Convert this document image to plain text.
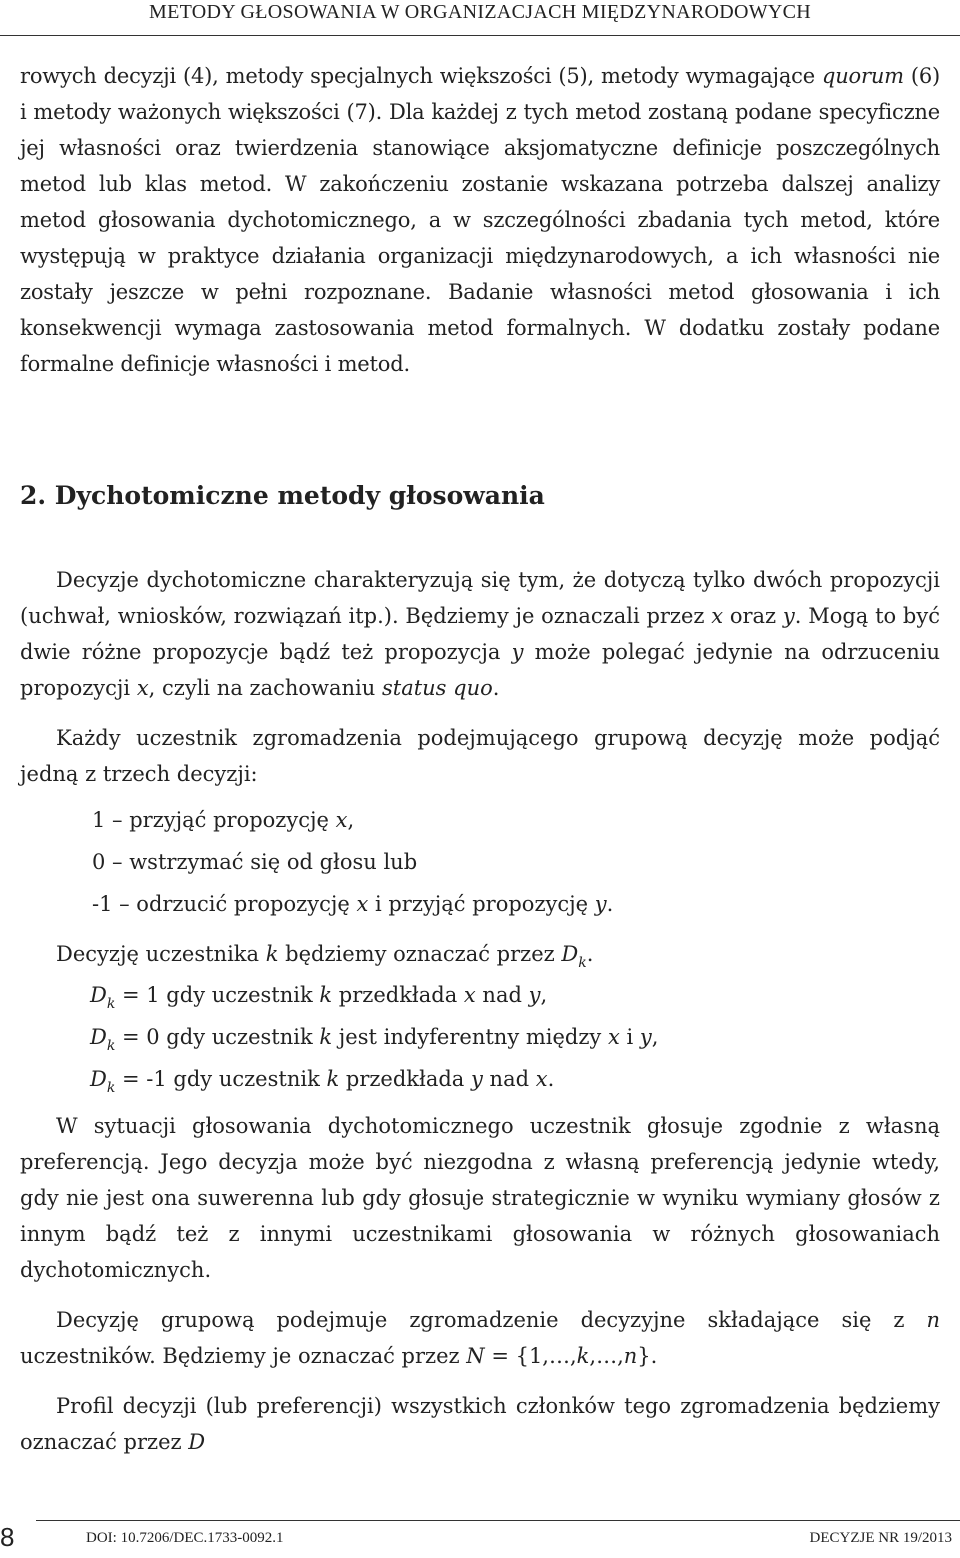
METODY GŁOSOWANIA W ORGANIZACJACH MIĘDZYNARODOWYCH

rowych decyzji (4), metody specjalnych większości (5), metody wymagające quorum (6) i metody ważonych większości (7). Dla każdej z tych metod zostaną podane specyficzne jej własności oraz twierdzenia stanowiące aksjomatyczne definicje poszczególnych metod lub klas metod. W zakończeniu zostanie wskazana potrzeba dalszej analizy metod głosowania dychotomicznego, a w szczególności zbadania tych metod, które występują w praktyce działania organizacji międzynarodowych, a ich własności nie zostały jeszcze w pełni rozpoznane. Badanie własności metod głosowania i ich konsekwencji wymaga zastosowania metod formalnych. W dodatku zostały podane formalne definicje własności i metod.

2. Dychotomiczne metody głosowania

Decyzje dychotomiczne charakteryzują się tym, że dotyczą tylko dwóch propozycji (uchwał, wniosków, rozwiązań itp.). Będziemy je oznaczali przez x oraz y. Mogą to być dwie różne propozycje bądź też propozycja y może polegać jedynie na odrzuceniu propozycji x, czyli na zachowaniu status quo.

Każdy uczestnik zgromadzenia podejmującego grupową decyzję może podjąć jedną z trzech decyzji:

1 – przyjąć propozycję x,
0 – wstrzymać się od głosu lub
-1 – odrzucić propozycję x i przyjąć propozycję y.
Decyzję uczestnika k będziemy oznaczać przez $D_k$.
$D_k = 1$ gdy uczestnik k przedkłada x nad y,
$D_k = 0$ gdy uczestnik k jest indyferentny między x i y,
$D_k = -1$ gdy uczestnik k przedkłada y nad x.

W sytuacji głosowania dychotomicznego uczestnik głosuje zgodnie z własną preferencją. Jego decyzja może być niezgodna z własną preferencją jedynie wtedy, gdy nie jest ona suwerenna lub gdy głosuje strategicznie w wyniku wymiany głosów z innym bądź też z innymi uczestnikami głosowania w różnych głosowaniach dychotomicznych.

Decyzję grupową podejmuje zgromadzenie decyzyjne składające się z n uczestników. Będziemy je oznaczać przez N = {1,…,k,…,n}.

Profil decyzji (lub preferencji) wszystkich członków tego zgromadzenia będziemy oznaczać przez D

8	DOI: 10.7206/DEC.1733-0092.1	DECYZJE NR 19/2013
